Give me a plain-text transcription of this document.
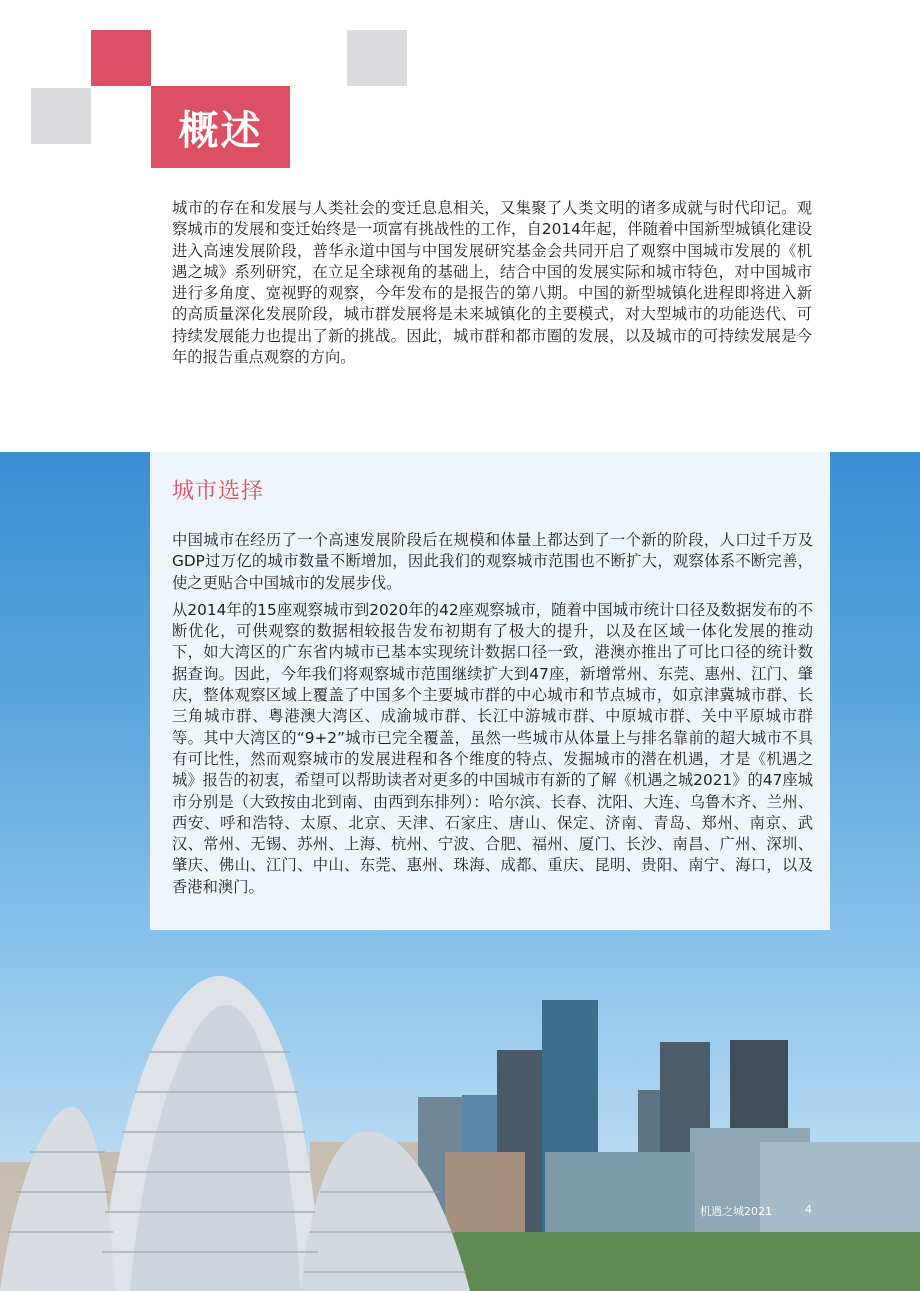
概述

城市的存在和发展与人类社会的变迁息息相关，又集聚了人类文明的诸多成就与时代印记。观察城市的发展和变迁始终是一项富有挑战性的工作，自2014年起，伴随着中国新型城镇化建设进入高速发展阶段，普华永道中国与中国发展研究基金会共同开启了观察中国城市发展的《机遇之城》系列研究，在立足全球视角的基础上，结合中国的发展实际和城市特色，对中国城市进行多角度、宽视野的观察，今年发布的是报告的第八期。中国的新型城镇化进程即将进入新的高质量深化发展阶段，城市群发展将是未来城镇化的主要模式，对大型城市的功能迭代、可持续发展能力也提出了新的挑战。因此，城市群和都市圈的发展，以及城市的可持续发展是今年的报告重点观察的方向。

城市选择

中国城市在经历了一个高速发展阶段后在规模和体量上都达到了一个新的阶段，人口过千万及GDP过万亿的城市数量不断增加，因此我们的观察城市范围也不断扩大，观察体系不断完善，使之更贴合中国城市的发展步伐。

从2014年的15座观察城市到2020年的42座观察城市，随着中国城市统计口径及数据发布的不断优化，可供观察的数据相较报告发布初期有了极大的提升，以及在区域一体化发展的推动下，如大湾区的广东省内城市已基本实现统计数据口径一致，港澳亦推出了可比口径的统计数据查询。因此，今年我们将观察城市范围继续扩大到47座，新增常州、东莞、惠州、江门、肇庆，整体观察区域上覆盖了中国多个主要城市群的中心城市和节点城市，如京津冀城市群、长三角城市群、粤港澳大湾区、成渝城市群、长江中游城市群、中原城市群、关中平原城市群等。其中大湾区的“9+2”城市已完全覆盖，虽然一些城市从体量上与排名靠前的超大城市不具有可比性，然而观察城市的发展进程和各个维度的特点、发掘城市的潜在机遇，才是《机遇之城》报告的初衷，希望可以帮助读者对更多的中国城市有新的了解《机遇之城2021》的47座城市分别是（大致按由北到南、由西到东排列）：哈尔滨、长春、沈阳、大连、乌鲁木齐、兰州、西安、呼和浩特、太原、北京、天津、石家庄、唐山、保定、济南、青岛、郑州、南京、武汉、常州、无锡、苏州、上海、杭州、宁波、合肥、福州、厦门、长沙、南昌、广州、深圳、肇庆、佛山、江门、中山、东莞、惠州、珠海、成都、重庆、昆明、贵阳、南宁、海口，以及香港和澳门。

机遇之城2021	4
